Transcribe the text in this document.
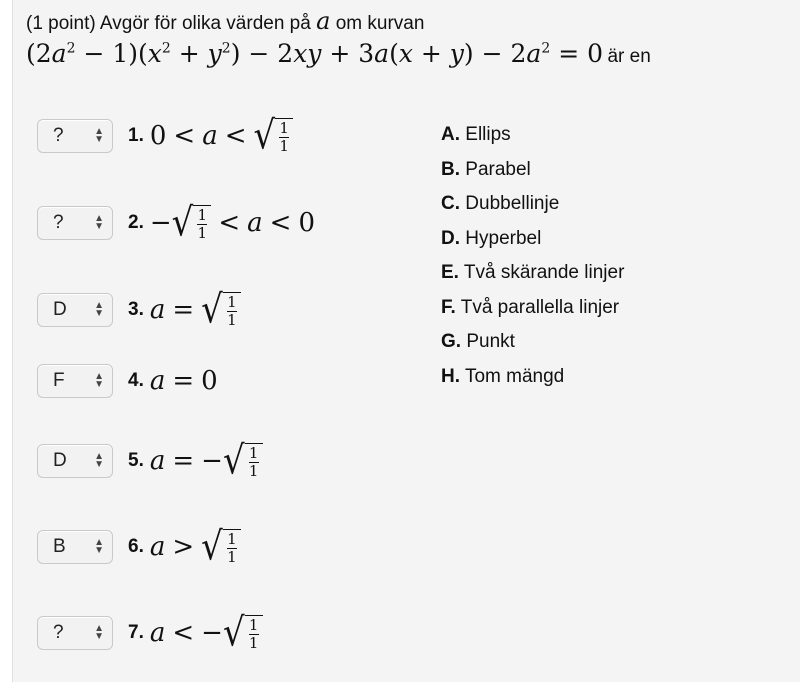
(1 point) Avgör för olika värden på a om kurvan
$(2a^2 - 1)(x^2 + y^2) - 2xy + 3a(x + y) - 2a^2 = 0$ är en
?	▲
▼ 1. 0 < a < √ $\frac{1}{1}$
?	▲
▼ 2. − √ $\frac{1}{1} < a < 0$
D	▲
▼ 3. a = √ $\frac{1}{1}$
F	▲
▼ 4. a = 0
D	▲
▼ 5. a = − √ $\frac{1}{1}$
B	▲
▼ 6. a > √ $\frac{1}{1}$
?	▲
▼ 7. a < − √ $\frac{1}{1}$
A. Ellips
B. Parabel
C. Dubbellinje
D. Hyperbel
E. Två skärande linjer
F. Två parallella linjer
G. Punkt
H. Tom mängd
